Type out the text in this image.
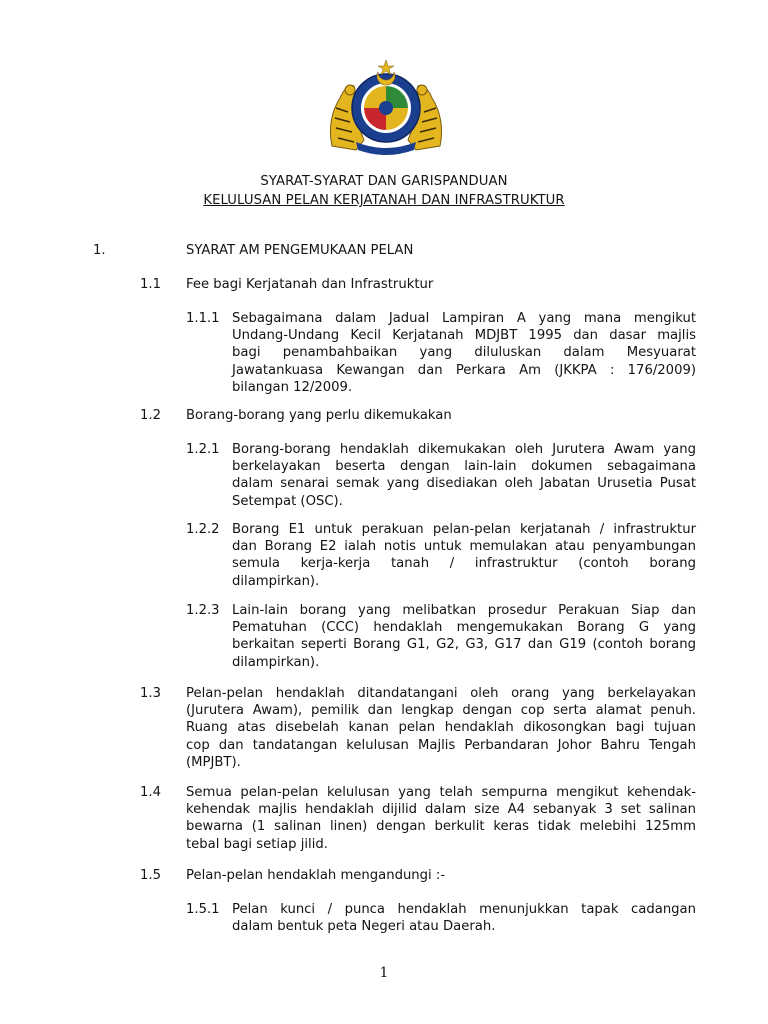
SYARAT-SYARAT DAN GARISPANDUAN
KELULUSAN PELAN KERJATANAH DAN INFRASTRUKTUR
1.	SYARAT AM PENGEMUKAAN PELAN
1.1 Fee bagi Kerjatanah dan Infrastruktur
1.1.1 Sebagaimana dalam Jadual Lampiran A yang mana mengikut
Undang-Undang Kecil Kerjatanah MDJBT 1995 dan dasar majlis
bagi penambahbaikan yang diluluskan dalam Mesyuarat
Jawatankuasa Kewangan dan Perkara Am (JKKPA : 176/2009)
bilangan 12/2009.
1.2 Borang-borang yang perlu dikemukakan
1.2.1 Borang-borang hendaklah dikemukakan oleh Jurutera Awam yang
berkelayakan beserta dengan lain-lain dokumen sebagaimana
dalam senarai semak yang disediakan oleh Jabatan Urusetia Pusat
Setempat (OSC).
1.2.2 Borang E1 untuk perakuan pelan-pelan kerjatanah / infrastruktur
dan Borang E2 ialah notis untuk memulakan atau penyambungan
semula kerja-kerja tanah / infrastruktur (contoh borang
dilampirkan).
1.2.3 Lain-lain borang yang melibatkan prosedur Perakuan Siap dan
Pematuhan (CCC) hendaklah mengemukakan Borang G yang
berkaitan seperti Borang G1, G2, G3, G17 dan G19 (contoh borang
dilampirkan).
1.3 Pelan-pelan hendaklah ditandatangani oleh orang yang berkelayakan
(Jurutera Awam), pemilik dan lengkap dengan cop serta alamat penuh.
Ruang atas disebelah kanan pelan hendaklah dikosongkan bagi tujuan
cop dan tandatangan kelulusan Majlis Perbandaran Johor Bahru Tengah
(MPJBT).
1.4 Semua pelan-pelan kelulusan yang telah sempurna mengikut kehendak-
kehendak majlis hendaklah dijilid dalam size A4 sebanyak 3 set salinan
bewarna (1 salinan linen) dengan berkulit keras tidak melebihi 125mm
tebal bagi setiap jilid.
1.5 Pelan-pelan hendaklah mengandungi :-
1.5.1 Pelan kunci / punca hendaklah menunjukkan tapak cadangan
dalam bentuk peta Negeri atau Daerah.
1
